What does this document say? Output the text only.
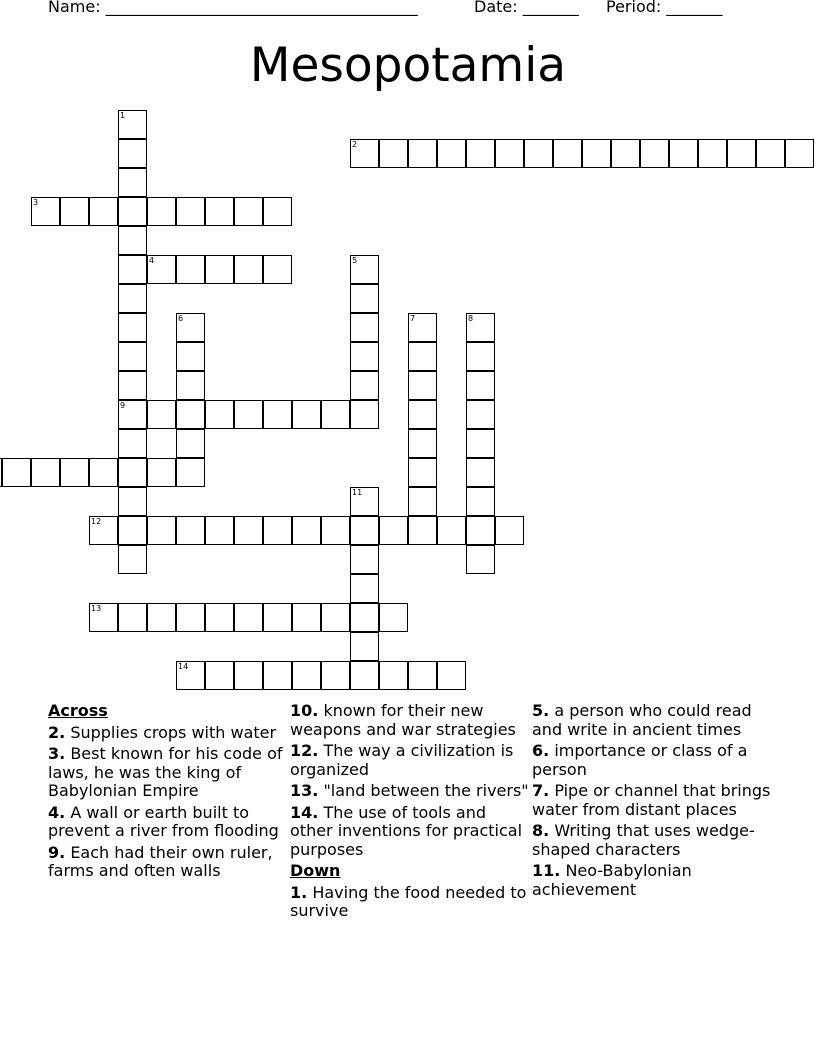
Name: _______________________________________	Date: _______ Period: _______
Mesopotamia
1
9
2
3
4	5
6	7	8
11
12
13
14
Across
2. Supplies crops with water
3. Best known for his code of laws, he was the king of Babylonian Empire
4. A wall or earth built to prevent a river from flooding
9. Each had their own ruler, farms and often walls
10. known for their new weapons and war strategies
12. The way a civilization is organized
13. "land between the rivers"
14. The use of tools and other inventions for practical purposes
Down
1. Having the food needed to survive
5. a person who could read and write in ancient times
6. importance or class of a person
7. Pipe or channel that brings water from distant places
8. Writing that uses wedge-shaped characters
11. Neo-Babylonian achievement
